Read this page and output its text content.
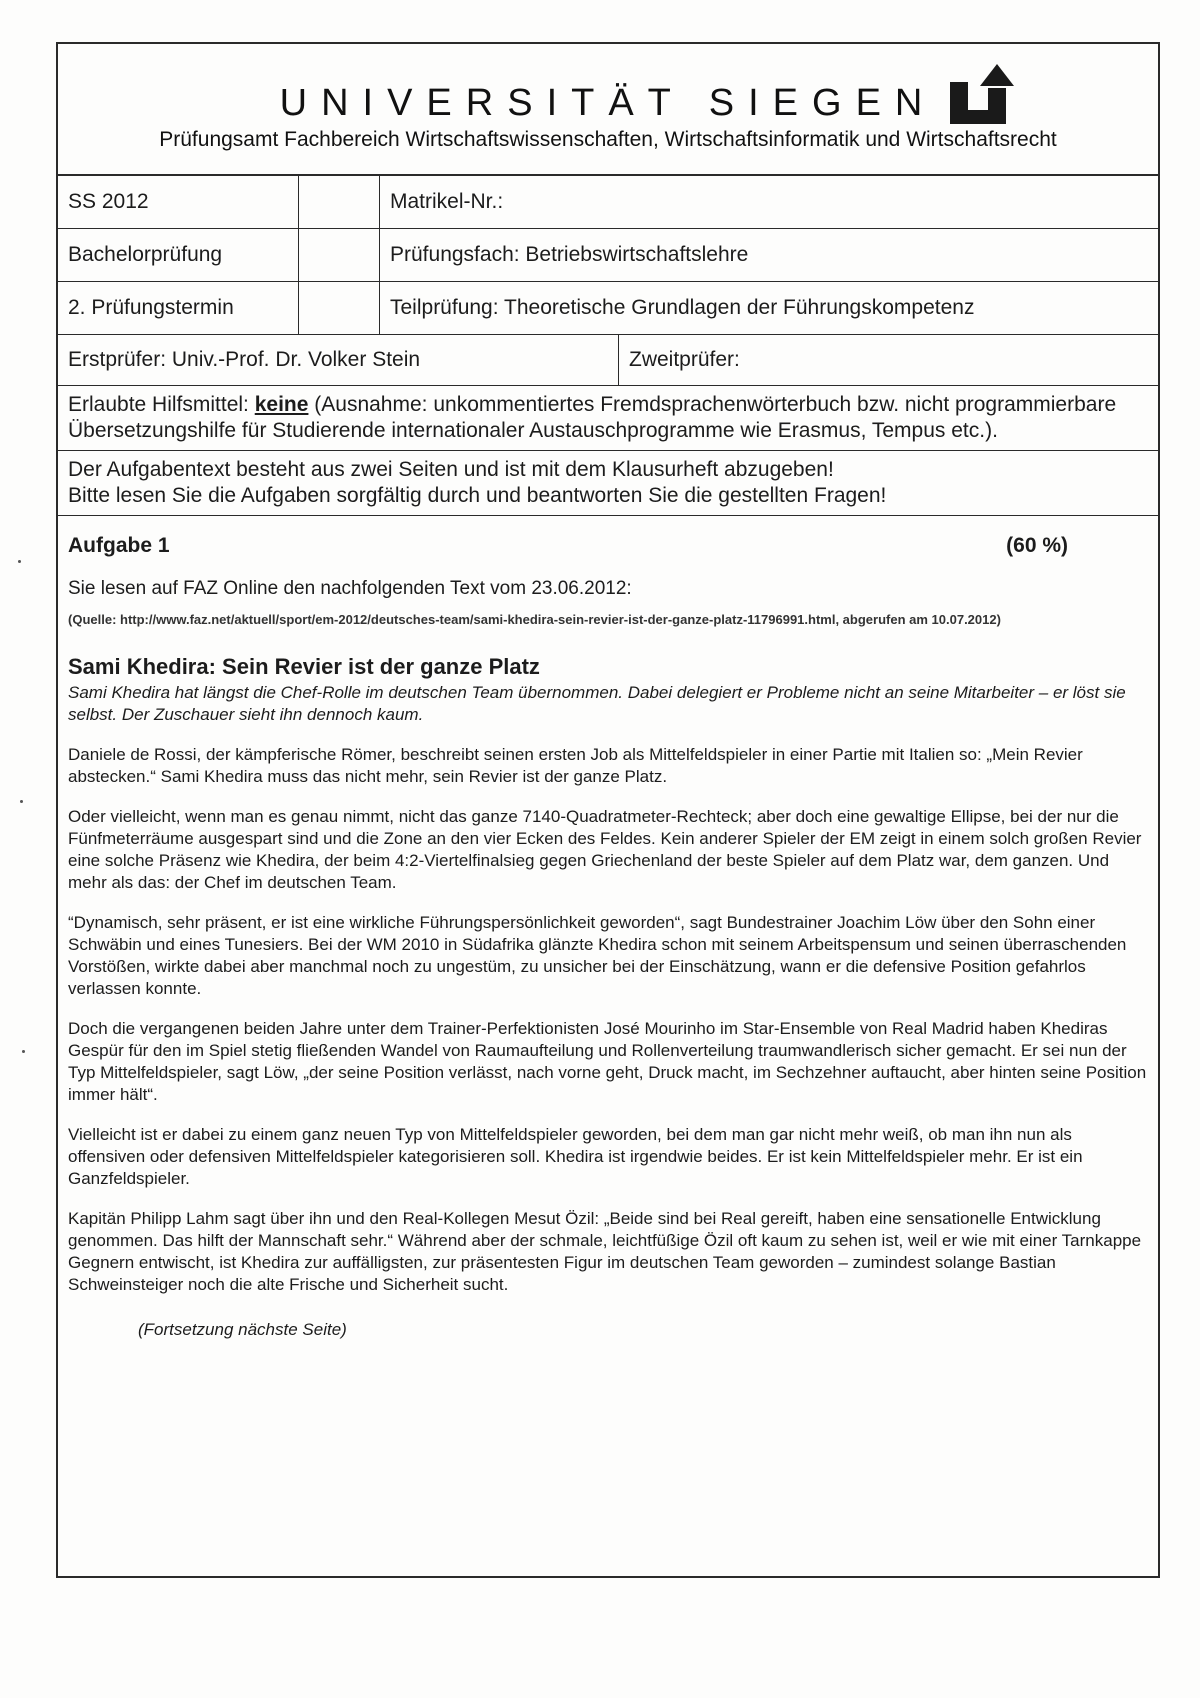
UNIVERSITÄT SIEGEN
Prüfungsamt Fachbereich Wirtschaftswissenschaften, Wirtschaftsinformatik und Wirtschaftsrecht
SS 2012		Matrikel-Nr.:
Bachelorprüfung		Prüfungsfach: Betriebswirtschaftslehre
2. Prüfungstermin		Teilprüfung: Theoretische Grundlagen der Führungskompetenz
Erstprüfer: Univ.-Prof. Dr. Volker Stein	Zweitprüfer:
Erlaubte Hilfsmittel: keine (Ausnahme: unkommentiertes Fremdsprachenwörterbuch bzw. nicht programmierbare Übersetzungshilfe für Studierende internationaler Austauschprogramme wie Erasmus, Tempus etc.).
Der Aufgabentext besteht aus zwei Seiten und ist mit dem Klausurheft abzugeben!
Bitte lesen Sie die Aufgaben sorgfältig durch und beantworten Sie die gestellten Fragen!
Aufgabe 1	(60 %)
Sie lesen auf FAZ Online den nachfolgenden Text vom 23.06.2012:
(Quelle: http://www.faz.net/aktuell/sport/em-2012/deutsches-team/sami-khedira-sein-revier-ist-der-ganze-platz-11796991.html, abgerufen am 10.07.2012)
Sami Khedira: Sein Revier ist der ganze Platz
Sami Khedira hat längst die Chef-Rolle im deutschen Team übernommen. Dabei delegiert er Probleme nicht an seine Mitarbeiter – er löst sie selbst. Der Zuschauer sieht ihn dennoch kaum.
Daniele de Rossi, der kämpferische Römer, beschreibt seinen ersten Job als Mittelfeldspieler in einer Partie mit Italien so: „Mein Revier abstecken.“ Sami Khedira muss das nicht mehr, sein Revier ist der ganze Platz.
Oder vielleicht, wenn man es genau nimmt, nicht das ganze 7140-Quadratmeter-Rechteck; aber doch eine gewaltige Ellipse, bei der nur die Fünfmeterräume ausgespart sind und die Zone an den vier Ecken des Feldes. Kein anderer Spieler der EM zeigt in einem solch großen Revier eine solche Präsenz wie Khedira, der beim 4:2-Viertelfinalsieg gegen Griechenland der beste Spieler auf dem Platz war, dem ganzen. Und mehr als das: der Chef im deutschen Team.
“Dynamisch, sehr präsent, er ist eine wirkliche Führungspersönlichkeit geworden“, sagt Bundestrainer Joachim Löw über den Sohn einer Schwäbin und eines Tunesiers. Bei der WM 2010 in Südafrika glänzte Khedira schon mit seinem Arbeitspensum und seinen überraschenden Vorstößen, wirkte dabei aber manchmal noch zu ungestüm, zu unsicher bei der Einschätzung, wann er die defensive Position gefahrlos verlassen konnte.
Doch die vergangenen beiden Jahre unter dem Trainer-Perfektionisten José Mourinho im Star-Ensemble von Real Madrid haben Khediras Gespür für den im Spiel stetig fließenden Wandel von Raumaufteilung und Rollenverteilung traumwandlerisch sicher gemacht. Er sei nun der Typ Mittelfeldspieler, sagt Löw, „der seine Position verlässt, nach vorne geht, Druck macht, im Sechzehner auftaucht, aber hinten seine Position immer hält“.
Vielleicht ist er dabei zu einem ganz neuen Typ von Mittelfeldspieler geworden, bei dem man gar nicht mehr weiß, ob man ihn nun als offensiven oder defensiven Mittelfeldspieler kategorisieren soll. Khedira ist irgendwie beides. Er ist kein Mittelfeldspieler mehr. Er ist ein Ganzfeldspieler.
Kapitän Philipp Lahm sagt über ihn und den Real-Kollegen Mesut Özil: „Beide sind bei Real gereift, haben eine sensationelle Entwicklung genommen. Das hilft der Mannschaft sehr.“ Während aber der schmale, leichtfüßige Özil oft kaum zu sehen ist, weil er wie mit einer Tarnkappe Gegnern entwischt, ist Khedira zur auffälligsten, zur präsentesten Figur im deutschen Team geworden – zumindest solange Bastian Schweinsteiger noch die alte Frische und Sicherheit sucht.
(Fortsetzung nächste Seite)
